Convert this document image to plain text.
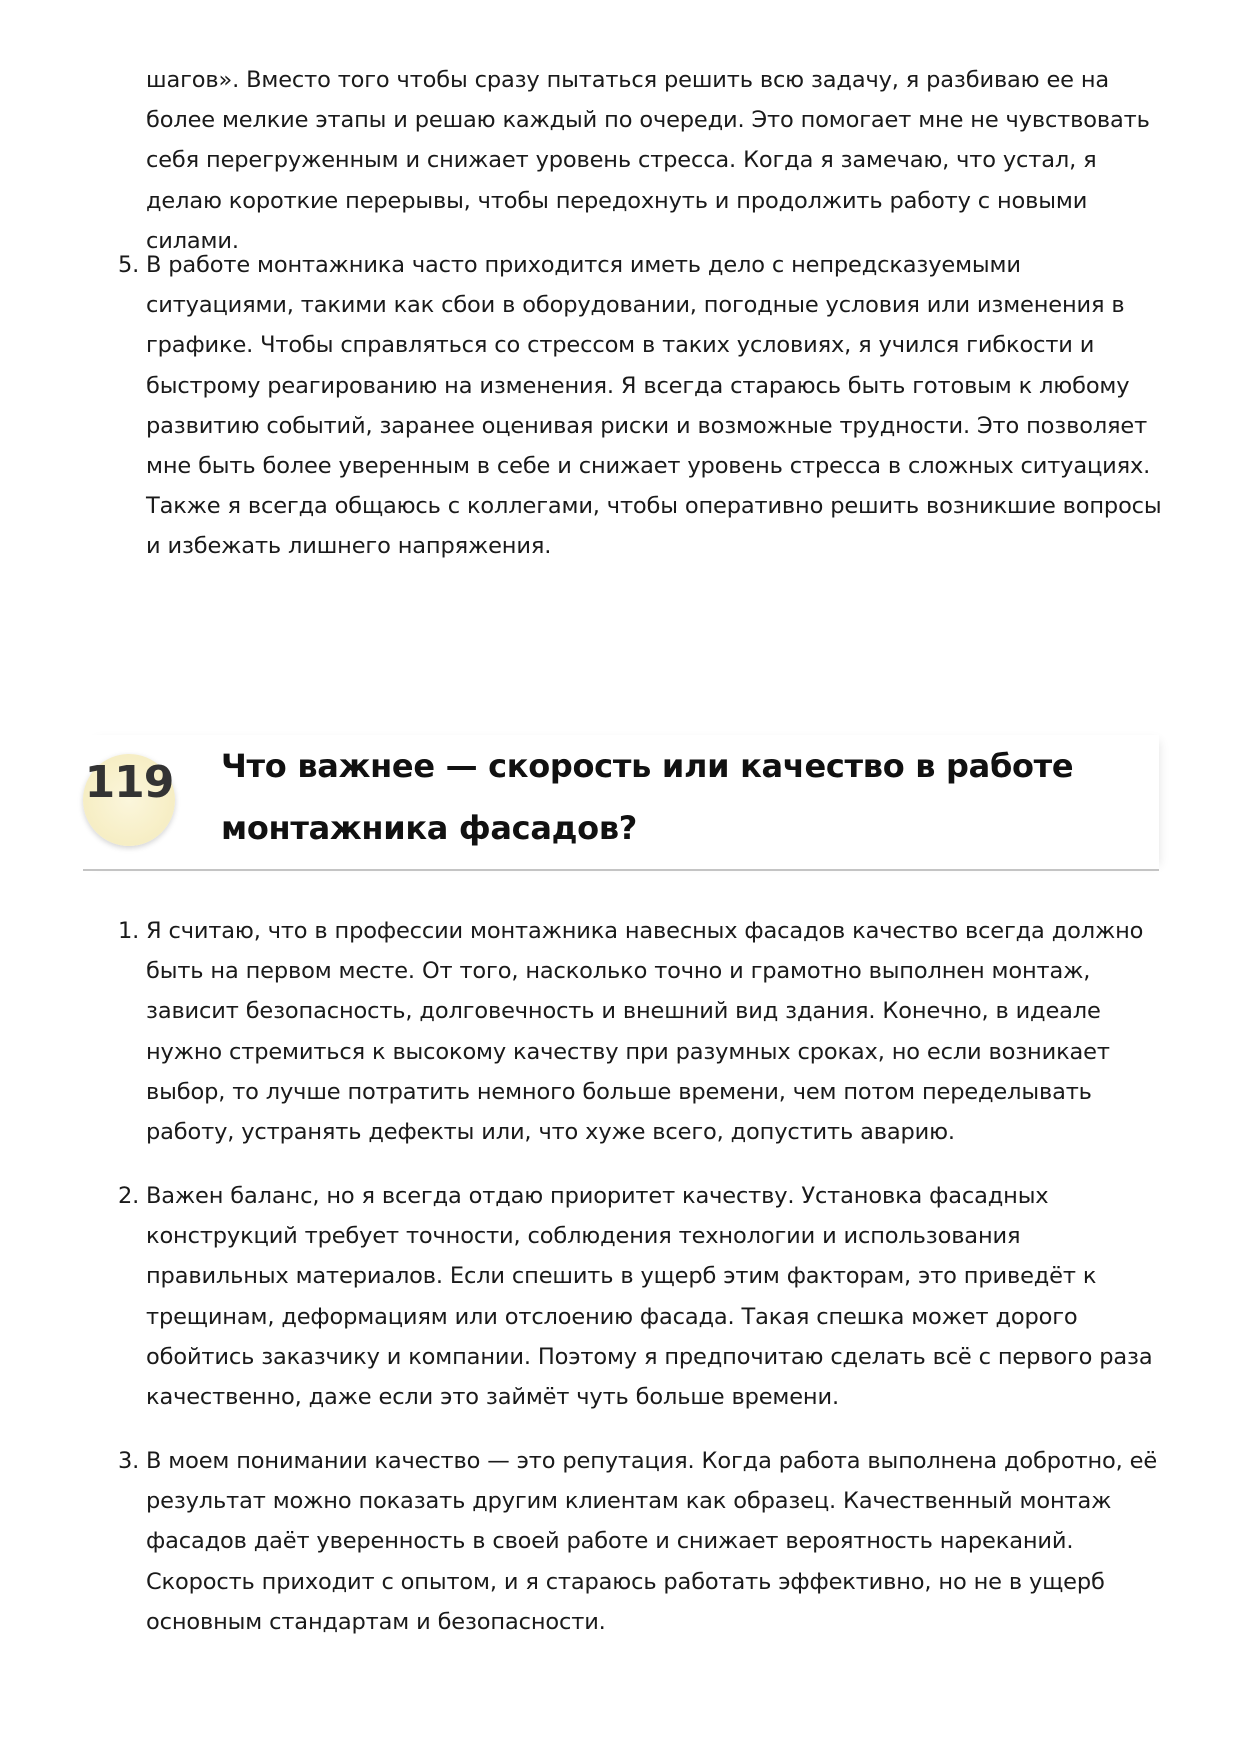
шагов». Вместо того чтобы сразу пытаться решить всю задачу, я разбиваю ее на более мелкие этапы и решаю каждый по очереди. Это помогает мне не чувствовать себя перегруженным и снижает уровень стресса. Когда я замечаю, что устал, я делаю короткие перерывы, чтобы передохнуть и продолжить работу с новыми силами.

5. В работе монтажника часто приходится иметь дело с непредсказуемыми ситуациями, такими как сбои в оборудовании, погодные условия или изменения в графике. Чтобы справляться со стрессом в таких условиях, я учился гибкости и быстрому реагированию на изменения. Я всегда стараюсь быть готовым к любому развитию событий, заранее оценивая риски и возможные трудности. Это позволяет мне быть более уверенным в себе и снижает уровень стресса в сложных ситуациях. Также я всегда общаюсь с коллегами, чтобы оперативно решить возникшие вопросы и избежать лишнего напряжения.
119 Что важнее — скорость или качество в работе монтажника фасадов?
1. Я считаю, что в профессии монтажника навесных фасадов качество всегда должно быть на первом месте. От того, насколько точно и грамотно выполнен монтаж, зависит безопасность, долговечность и внешний вид здания. Конечно, в идеале нужно стремиться к высокому качеству при разумных сроках, но если возникает выбор, то лучше потратить немного больше времени, чем потом переделывать работу, устранять дефекты или, что хуже всего, допустить аварию.
2. Важен баланс, но я всегда отдаю приоритет качеству. Установка фасадных конструкций требует точности, соблюдения технологии и использования правильных материалов. Если спешить в ущерб этим факторам, это приведёт к трещинам, деформациям или отслоению фасада. Такая спешка может дорого обойтись заказчику и компании. Поэтому я предпочитаю сделать всё с первого раза качественно, даже если это займёт чуть больше времени.
3. В моем понимании качество — это репутация. Когда работа выполнена добротно, её результат можно показать другим клиентам как образец. Качественный монтаж фасадов даёт уверенность в своей работе и снижает вероятность нареканий. Скорость приходит с опытом, и я стараюсь работать эффективно, но не в ущерб основным стандартам и безопасности.
